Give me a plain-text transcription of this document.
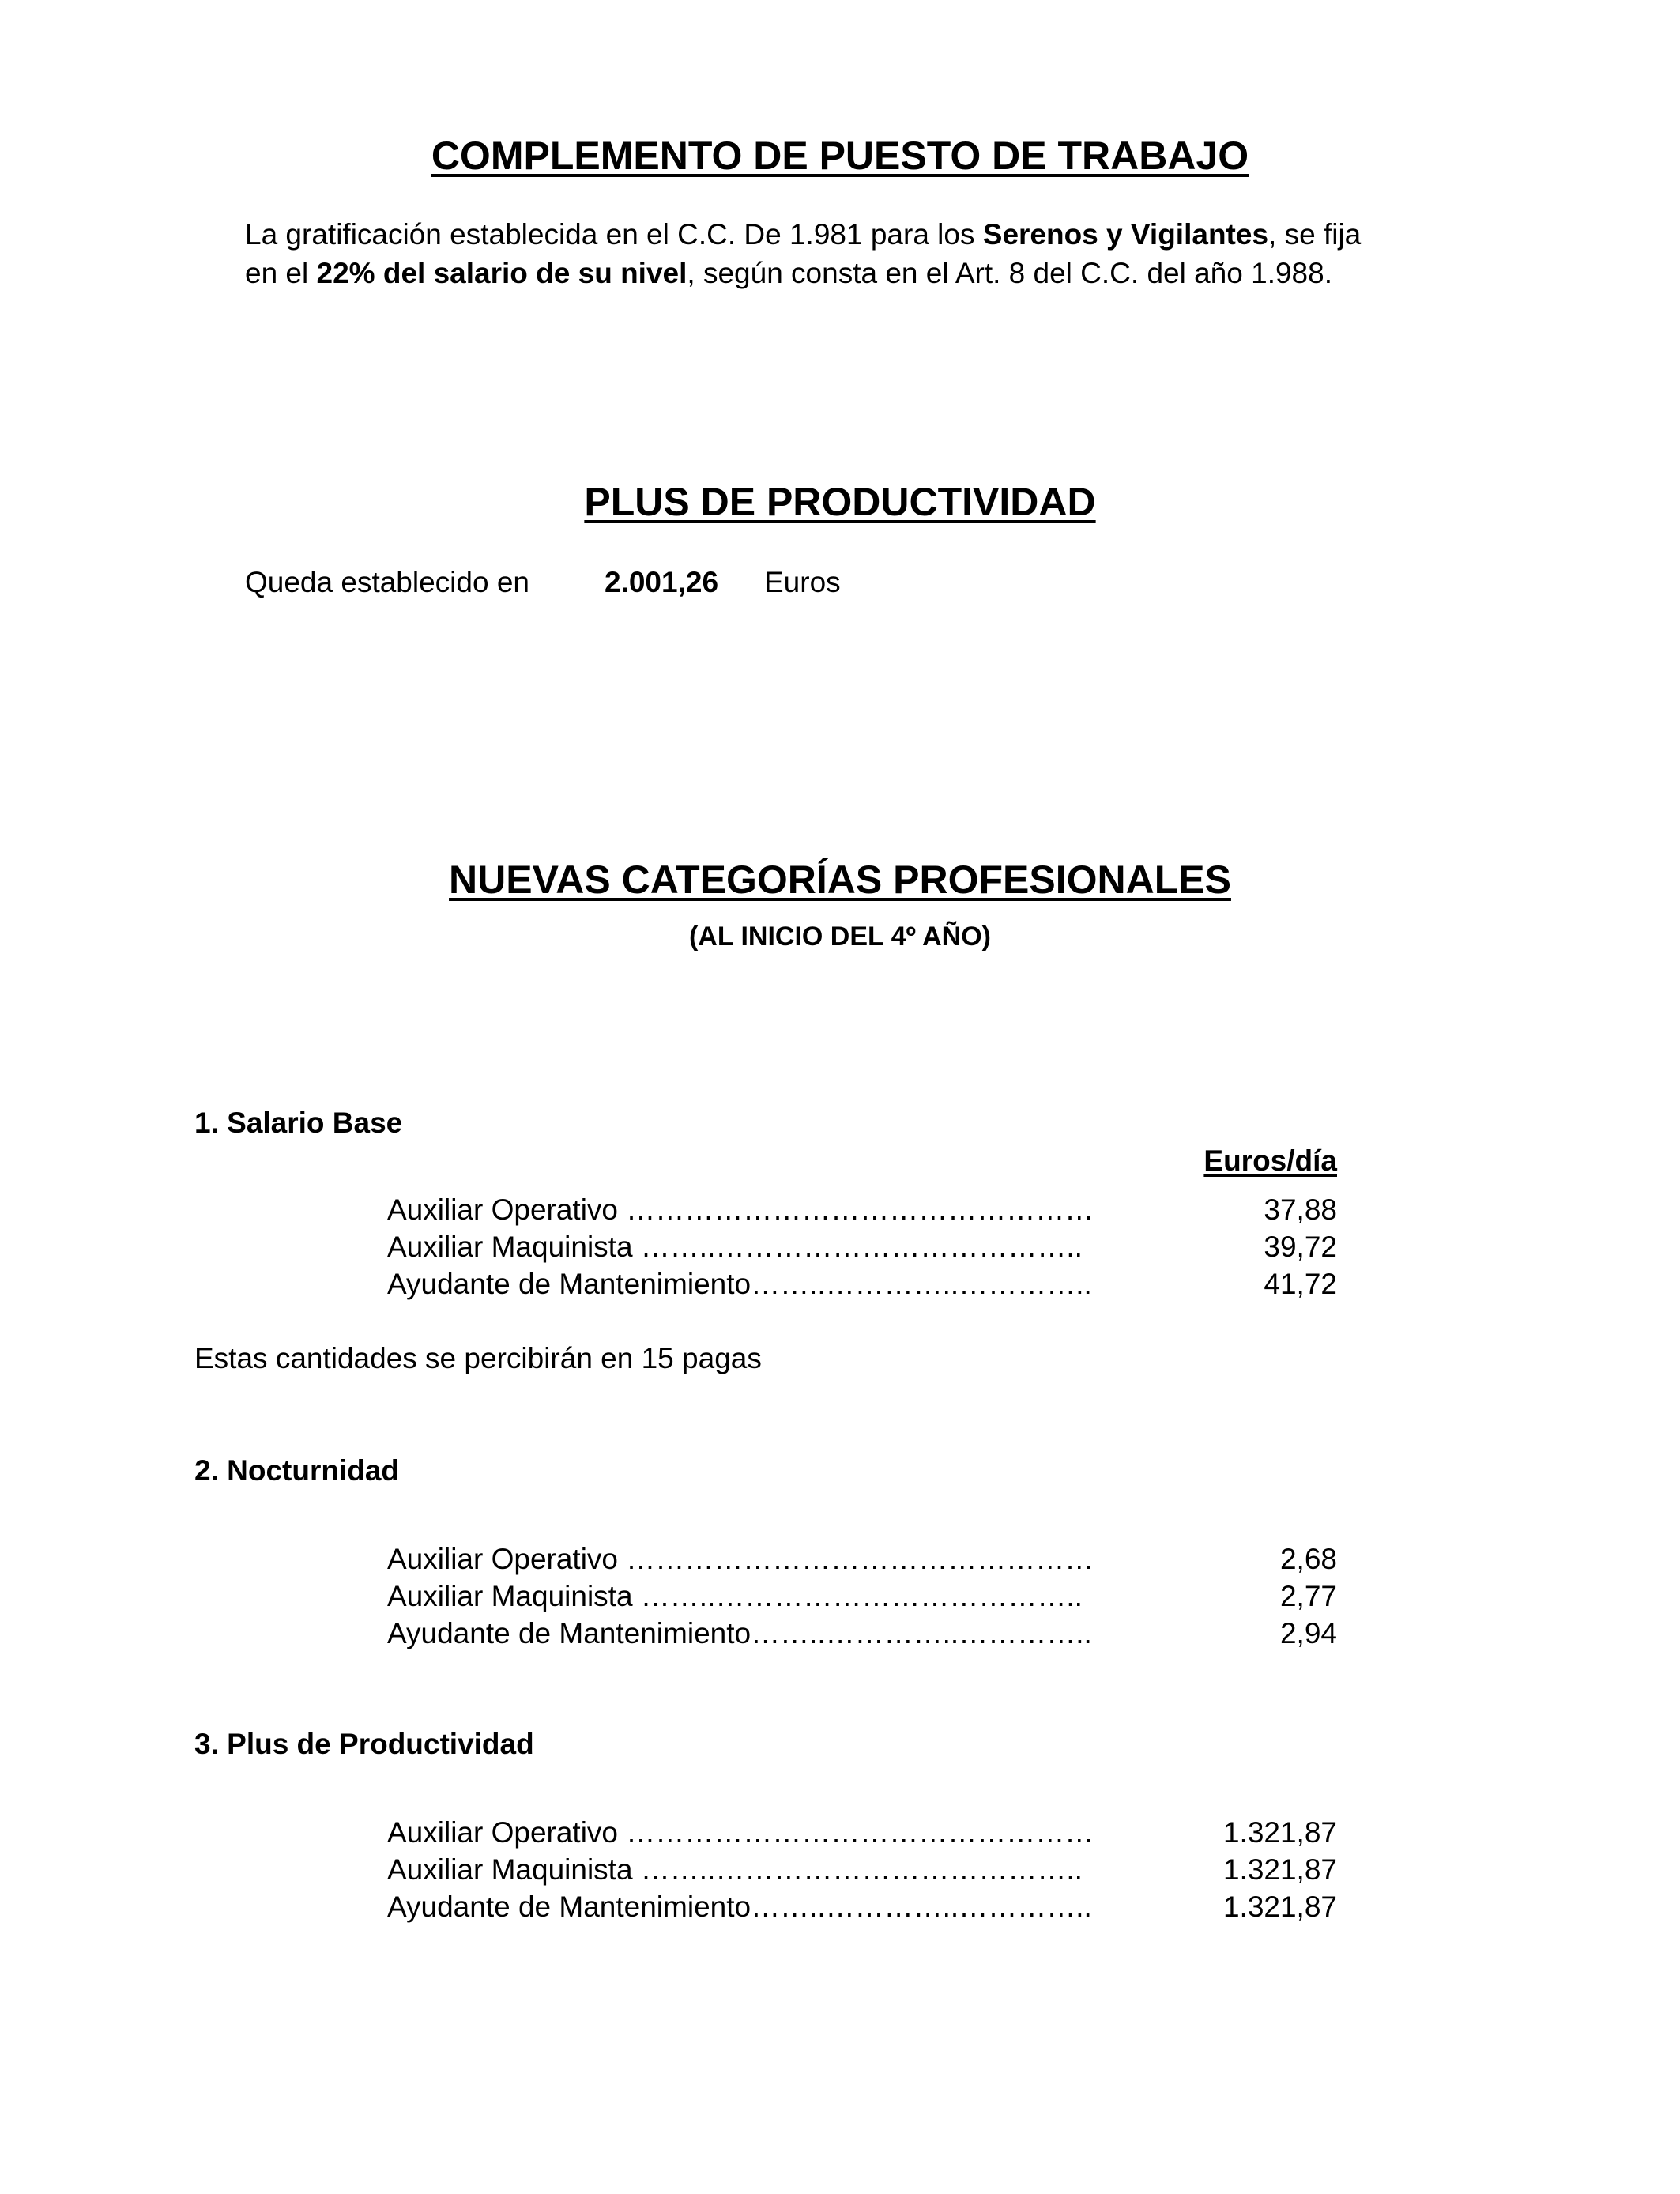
COMPLEMENTO DE PUESTO DE TRABAJO
La gratificación establecida en el C.C. De 1.981 para los Serenos y Vigilantes, se fija en el 22% del salario de su nivel, según consta en el Art. 8 del C.C. del año 1.988.
PLUS DE PRODUCTIVIDAD
Queda establecido en	2.001,26 Euros
NUEVAS CATEGORÍAS PROFESIONALES
(AL INICIO DEL 4º AÑO)
1. Salario Base
Euros/día
Auxiliar Operativo …………………………………………	37,88
Auxiliar Maquinista ……..………………………………..	39,72
Ayudante de Mantenimiento……..…………..…………..	41,72
Estas cantidades se percibirán en 15 pagas
2. Nocturnidad
Auxiliar Operativo …………………………………………	2,68
Auxiliar Maquinista ……..………………………………..	2,77
Ayudante de Mantenimiento……..…………..…………..	2,94
3. Plus de Productividad
Auxiliar Operativo …………………………………………	1.321,87
Auxiliar Maquinista ……..………………………………..	1.321,87
Ayudante de Mantenimiento……..…………..…………..	1.321,87
